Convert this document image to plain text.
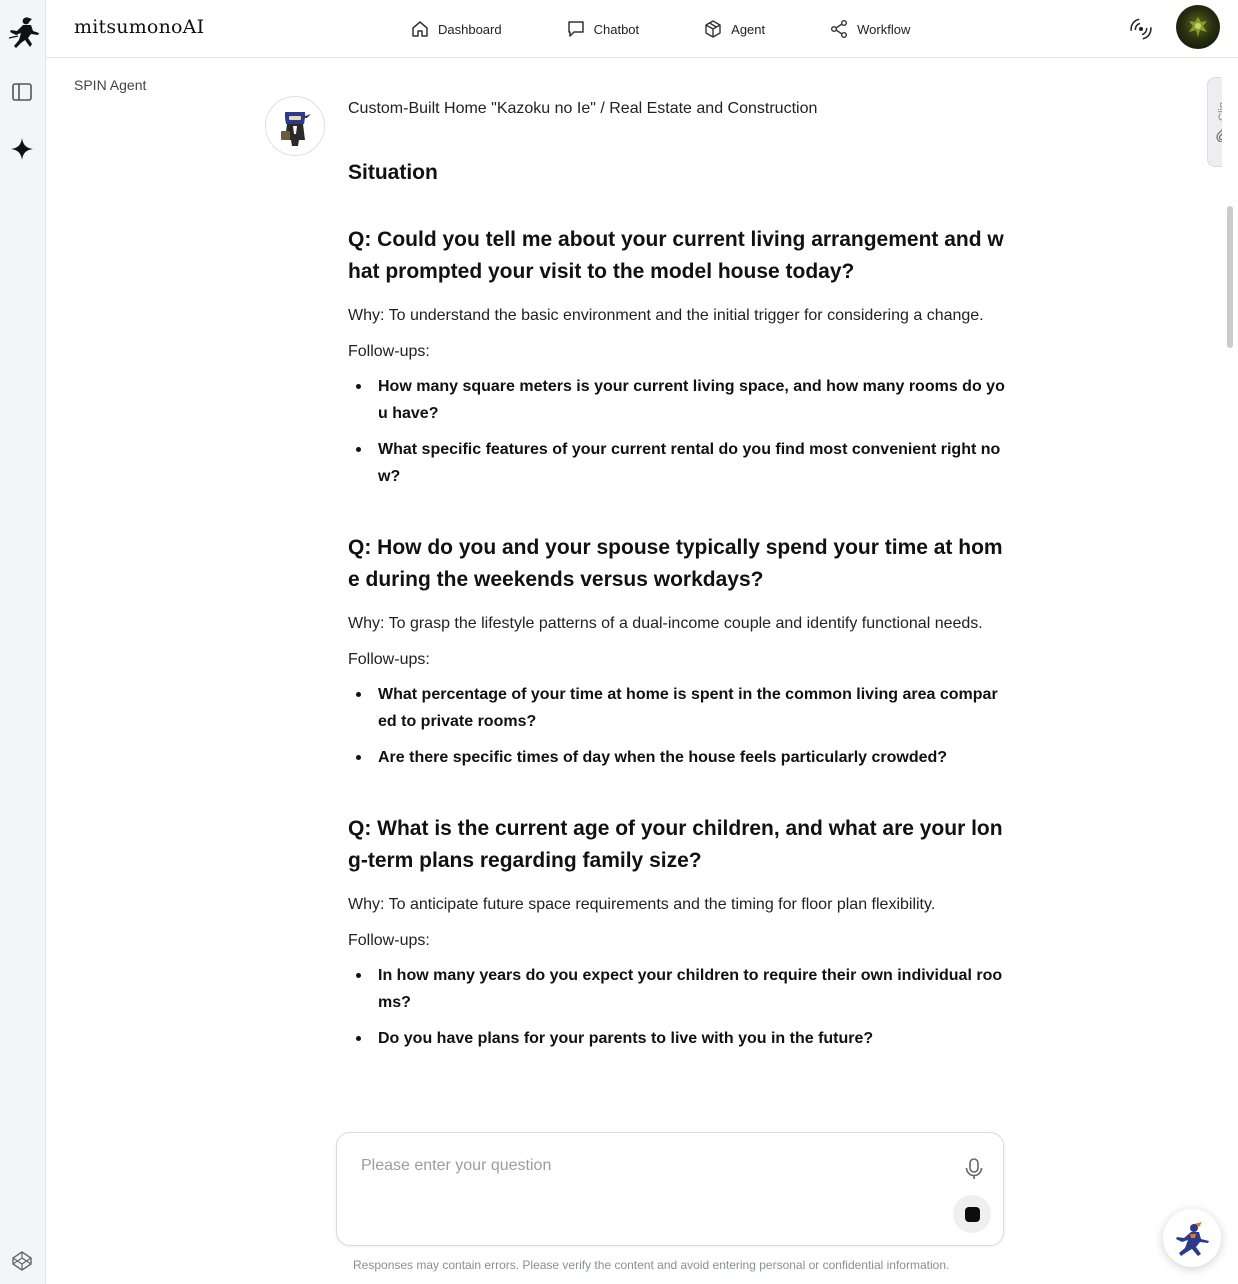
mitsumonoAI	Dashboard	Chatbot	Agent	Workflow
SPIN Agent
Custom-Built Home "Kazoku no Ie" / Real Estate and Construction
Situation
Q: Could you tell me about your current living arrangement and what prompted your visit to the model house today?
Why: To understand the basic environment and the initial trigger for considering a change.
Follow-ups:
How many square meters is your current living space, and how many rooms do you have?
What specific features of your current rental do you find most convenient right now?
Q: How do you and your spouse typically spend your time at home during the weekends versus workdays?
Why: To grasp the lifestyle patterns of a dual-income couple and identify functional needs.
Follow-ups:
What percentage of your time at home is spent in the common living area compared to private rooms?
Are there specific times of day when the house feels particularly crowded?
Q: What is the current age of your children, and what are your long-term plans regarding family size?
Why: To anticipate future space requirements and the timing for floor plan flexibility.
Follow-ups:
In how many years do you expect your children to require their own individual rooms?
Do you have plans for your parents to live with you in the future?
Please enter your question
Responses may contain errors. Please verify the content and avoid entering personal or confidential information.
